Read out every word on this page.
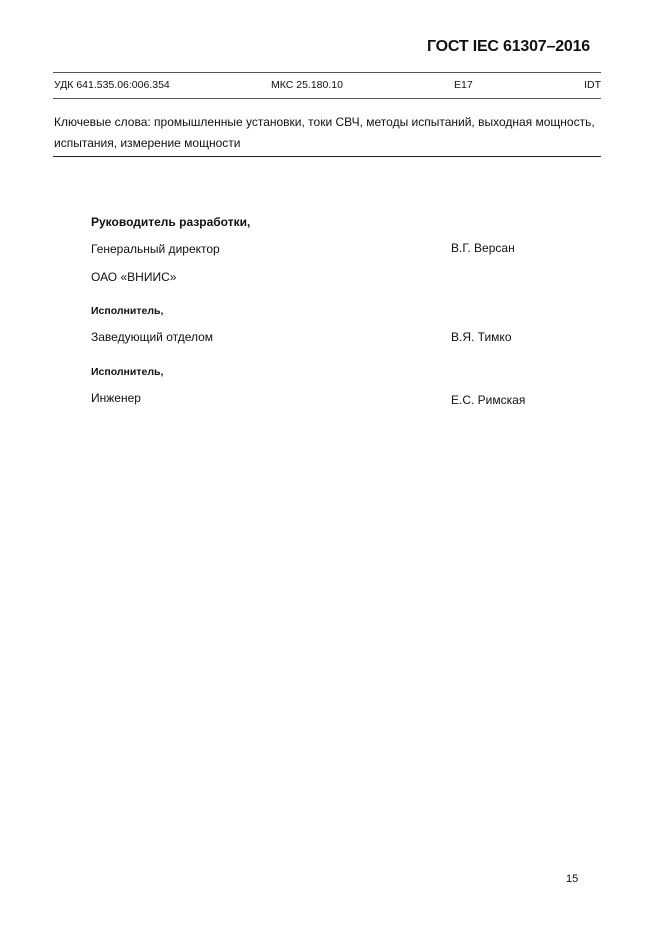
ГОСТ IEC 61307–2016
УДК 641.535.06:006.354	МКС 25.180.10	Е17	IDT
Ключевые слова: промышленные установки, токи СВЧ, методы испытаний, выходная мощность,
испытания, измерение мощности
Руководитель разработки,
Генеральный директор	В.Г. Версан
ОАО «ВНИИС»
Исполнитель,
Заведующий отделом	В.Я. Тимко
Исполнитель,
Инженер	Е.С. Римская
15
